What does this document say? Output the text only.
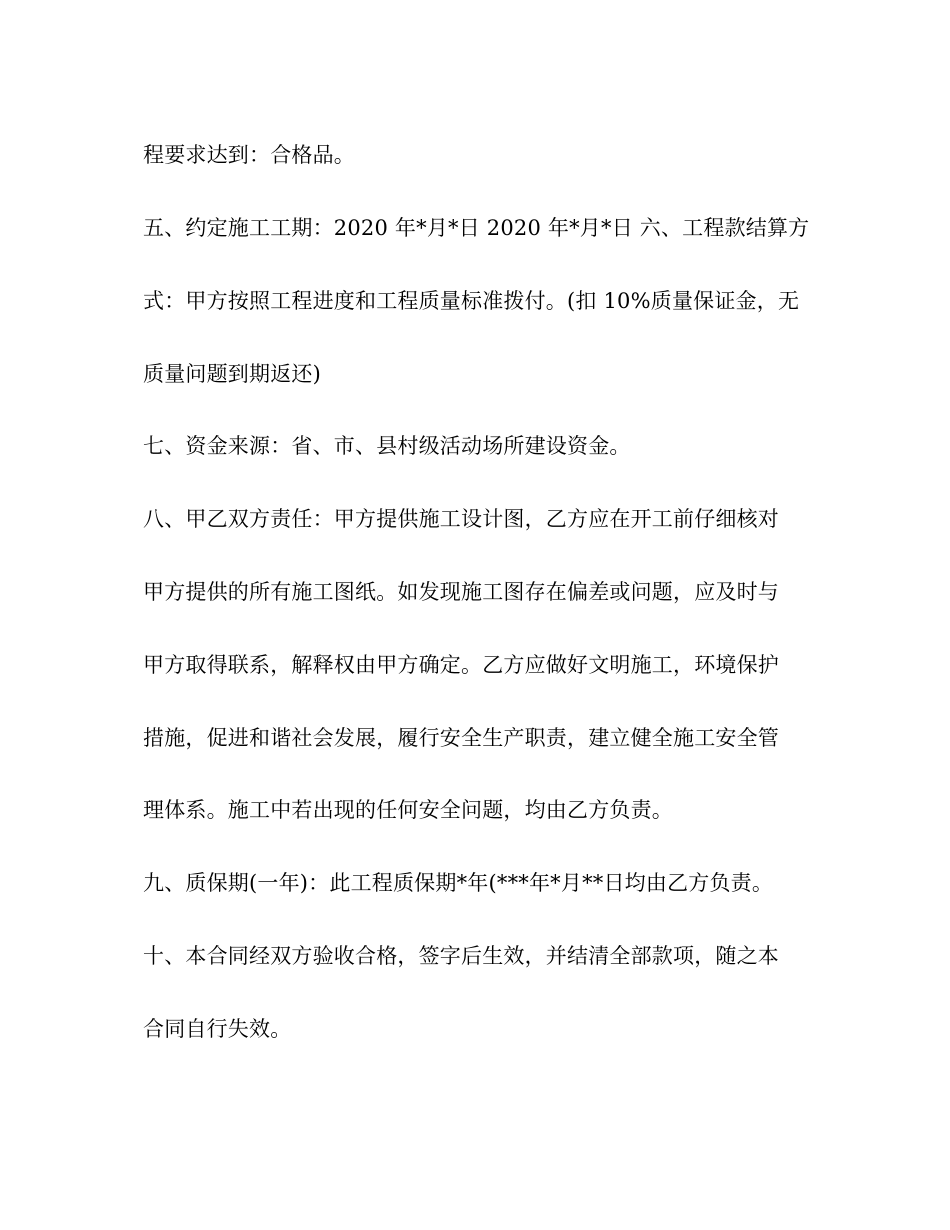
程要求达到：合格品。
五、约定施工工期：2020 年*月*日 2020 年*月*日 六、工程款结算方
式：甲方按照工程进度和工程质量标准拨付。(扣 10%质量保证金，无
质量问题到期返还)
七、资金来源：省、市、县村级活动场所建设资金。
八、甲乙双方责任：甲方提供施工设计图，乙方应在开工前仔细核对
甲方提供的所有施工图纸。如发现施工图存在偏差或问题，应及时与
甲方取得联系，解释权由甲方确定。乙方应做好文明施工，环境保护
措施，促进和谐社会发展，履行安全生产职责，建立健全施工安全管
理体系。施工中若出现的任何安全问题，均由乙方负责。
九、质保期(一年)：此工程质保期*年(***年*月**日均由乙方负责。
十、本合同经双方验收合格，签字后生效，并结清全部款项，随之本
合同自行失效。
